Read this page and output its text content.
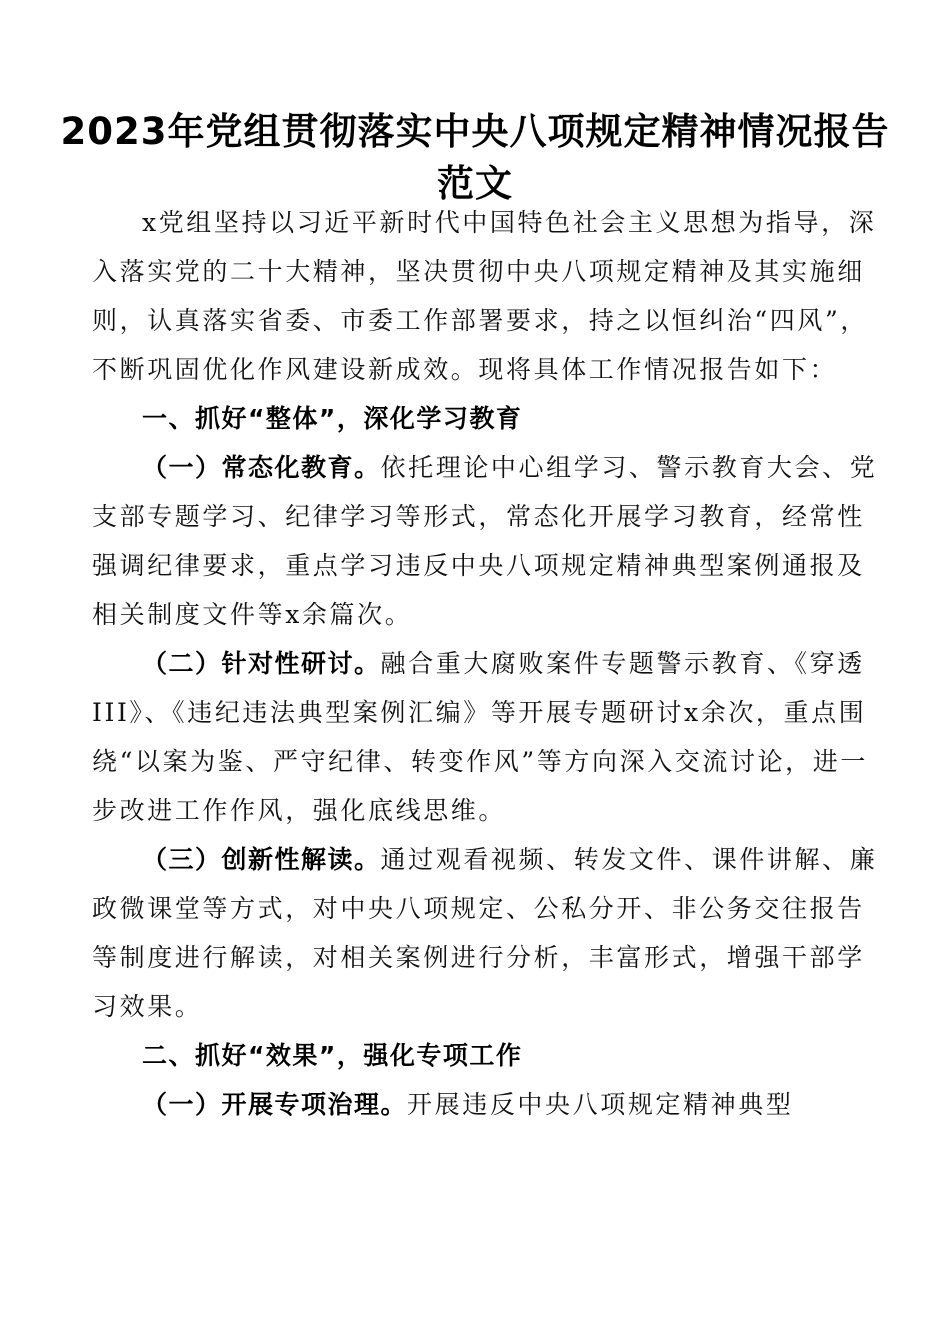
2023年党组贯彻落实中央八项规定精神情况报告范文

x党组坚持以习近平新时代中国特色社会主义思想为指导，深入落实党的二十大精神，坚决贯彻中央八项规定精神及其实施细则，认真落实省委、市委工作部署要求，持之以恒纠治“四风”，不断巩固优化作风建设新成效。现将具体工作情况报告如下：

一、抓好“整体”，深化学习教育

（一）常态化教育。依托理论中心组学习、警示教育大会、党支部专题学习、纪律学习等形式，常态化开展学习教育，经常性强调纪律要求，重点学习违反中央八项规定精神典型案例通报及相关制度文件等x余篇次。

（二）针对性研讨。融合重大腐败案件专题警示教育、《穿透III》、《违纪违法典型案例汇编》等开展专题研讨x余次，重点围绕“以案为鉴、严守纪律、转变作风”等方向深入交流讨论，进一步改进工作作风，强化底线思维。

（三）创新性解读。通过观看视频、转发文件、课件讲解、廉政微课堂等方式，对中央八项规定、公私分开、非公务交往报告等制度进行解读，对相关案例进行分析，丰富形式，增强干部学习效果。

二、抓好“效果”，强化专项工作

（一）开展专项治理。开展违反中央八项规定精神典型
